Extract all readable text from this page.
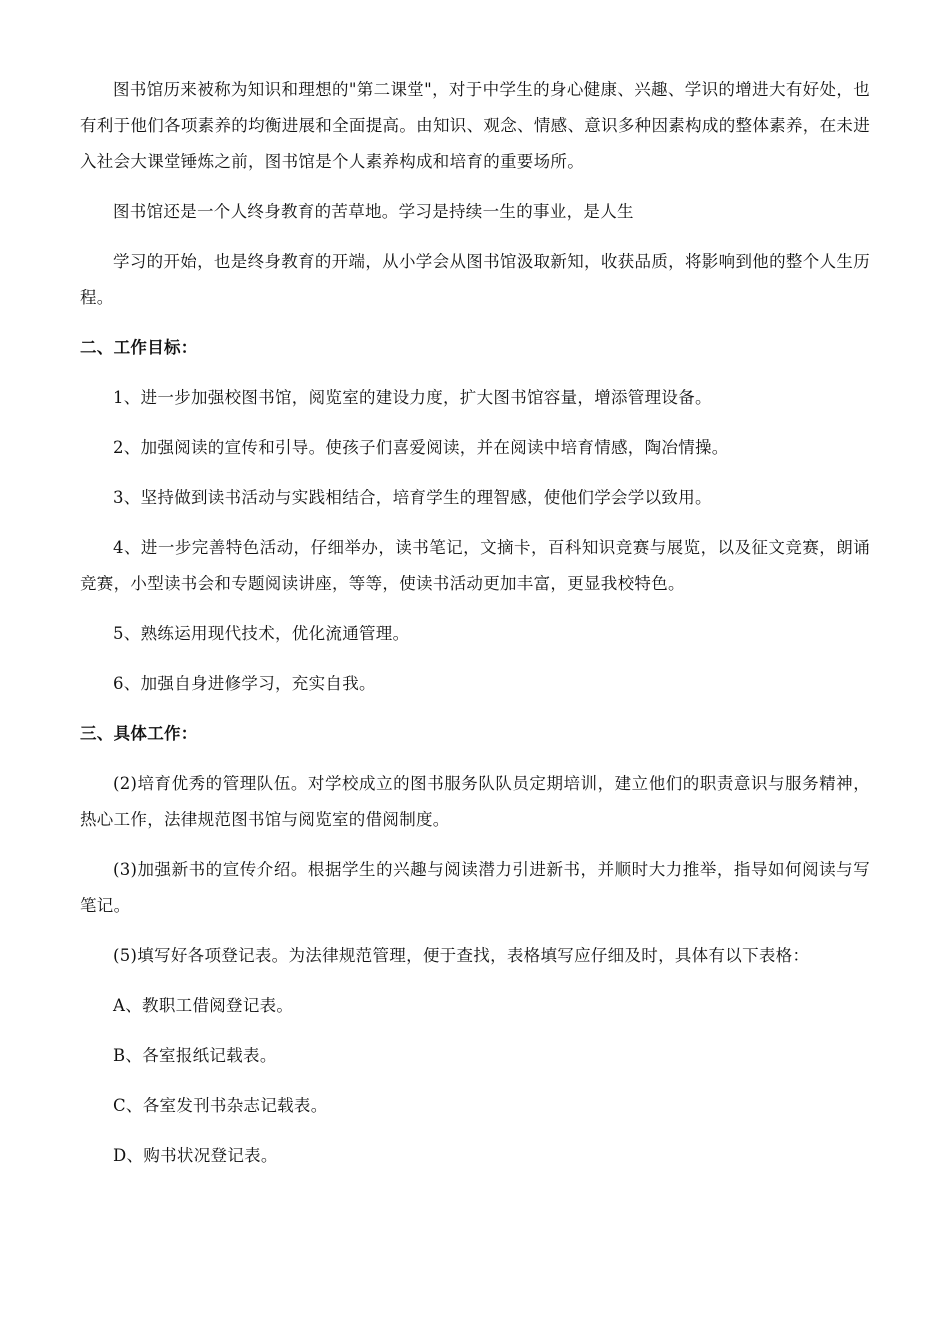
图书馆历来被称为知识和理想的"第二课堂"，对于中学生的身心健康、兴趣、学识的增进大有好处，也有利于他们各项素养的均衡进展和全面提高。由知识、观念、情感、意识多种因素构成的整体素养，在未进入社会大课堂锤炼之前，图书馆是个人素养构成和培育的重要场所。

图书馆还是一个人终身教育的苦草地。学习是持续一生的事业，是人生

学习的开始，也是终身教育的开端，从小学会从图书馆汲取新知，收获品质，将影响到他的整个人生历程。

二、工作目标：

1、进一步加强校图书馆，阅览室的建设力度，扩大图书馆容量，增添管理设备。

2、加强阅读的宣传和引导。使孩子们喜爱阅读，并在阅读中培育情感，陶冶情操。

3、坚持做到读书活动与实践相结合，培育学生的理智感，使他们学会学以致用。

4、进一步完善特色活动，仔细举办，读书笔记，文摘卡，百科知识竞赛与展览，以及征文竞赛，朗诵竞赛，小型读书会和专题阅读讲座，等等，使读书活动更加丰富，更显我校特色。

5、熟练运用现代技术，优化流通管理。

6、加强自身进修学习，充实自我。

三、具体工作：

(2)培育优秀的管理队伍。对学校成立的图书服务队队员定期培训，建立他们的职责意识与服务精神，热心工作，法律规范图书馆与阅览室的借阅制度。

(3)加强新书的宣传介绍。根据学生的兴趣与阅读潜力引进新书，并顺时大力推举，指导如何阅读与写笔记。

(5)填写好各项登记表。为法律规范管理，便于查找，表格填写应仔细及时，具体有以下表格：

A、教职工借阅登记表。

B、各室报纸记载表。

C、各室发刊书杂志记载表。

D、购书状况登记表。
